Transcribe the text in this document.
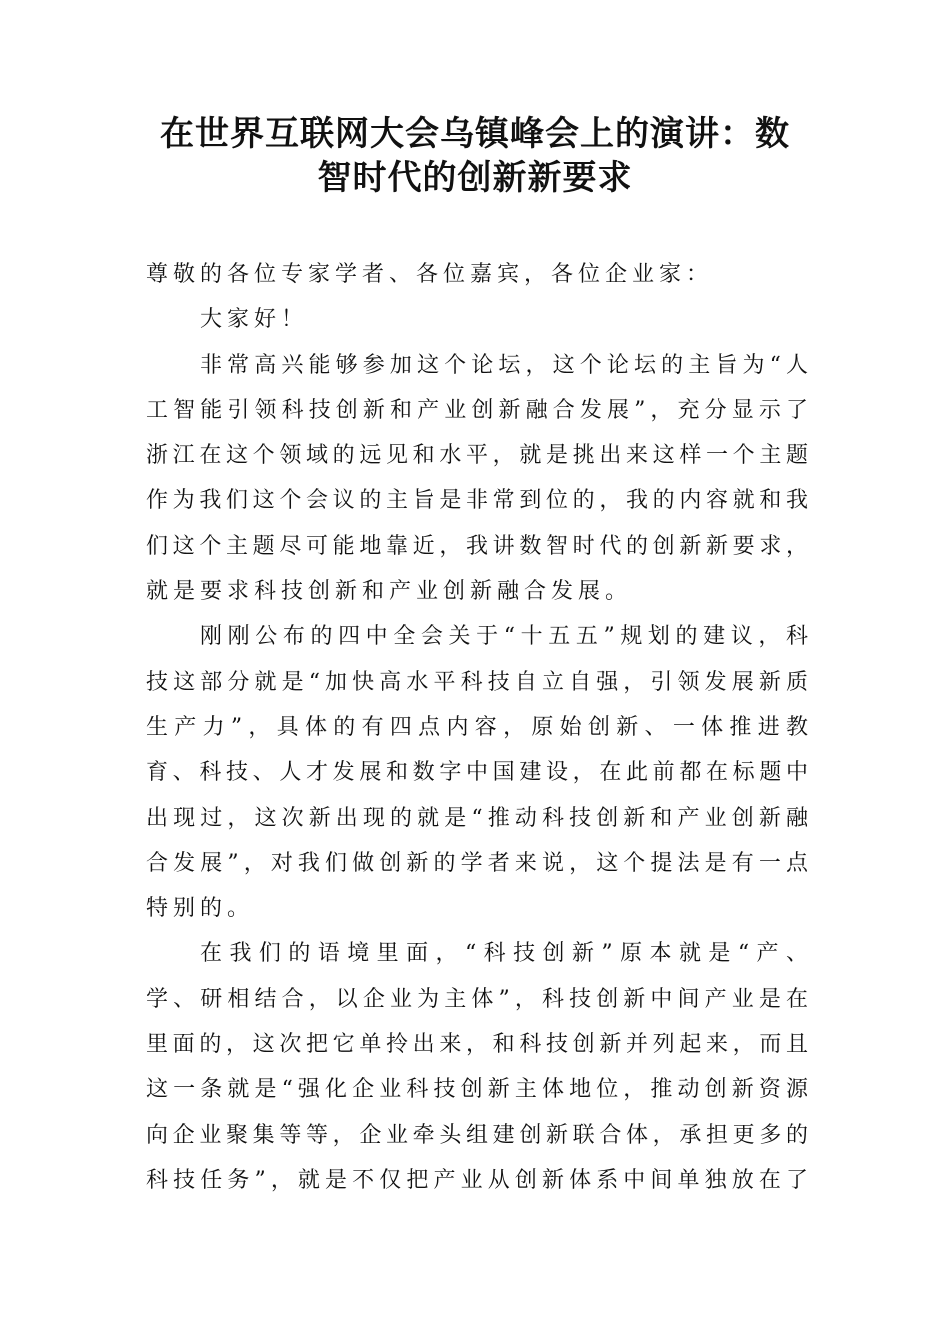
在世界互联网大会乌镇峰会上的演讲：数
智时代的创新新要求
尊敬的各位专家学者、各位嘉宾，各位企业家：
大家好！
非常高兴能够参加这个论坛，这个论坛的主旨为“人
工智能引领科技创新和产业创新融合发展”，充分显示了
浙江在这个领域的远见和水平，就是挑出来这样一个主题
作为我们这个会议的主旨是非常到位的，我的内容就和我
们这个主题尽可能地靠近，我讲数智时代的创新新要求，
就是要求科技创新和产业创新融合发展。
刚刚公布的四中全会关于“十五五”规划的建议，科
技这部分就是“加快高水平科技自立自强，引领发展新质
生产力”，具体的有四点内容，原始创新、一体推进教
育、科技、人才发展和数字中国建设，在此前都在标题中
出现过，这次新出现的就是“推动科技创新和产业创新融
合发展”，对我们做创新的学者来说，这个提法是有一点
特别的。
在我们的语境里面，“科技创新”原本就是“产、
学、研相结合，以企业为主体”，科技创新中间产业是在
里面的，这次把它单拎出来，和科技创新并列起来，而且
这一条就是“强化企业科技创新主体地位，推动创新资源
向企业聚集等等，企业牵头组建创新联合体，承担更多的
科技任务”，就是不仅把产业从创新体系中间单独放在了
